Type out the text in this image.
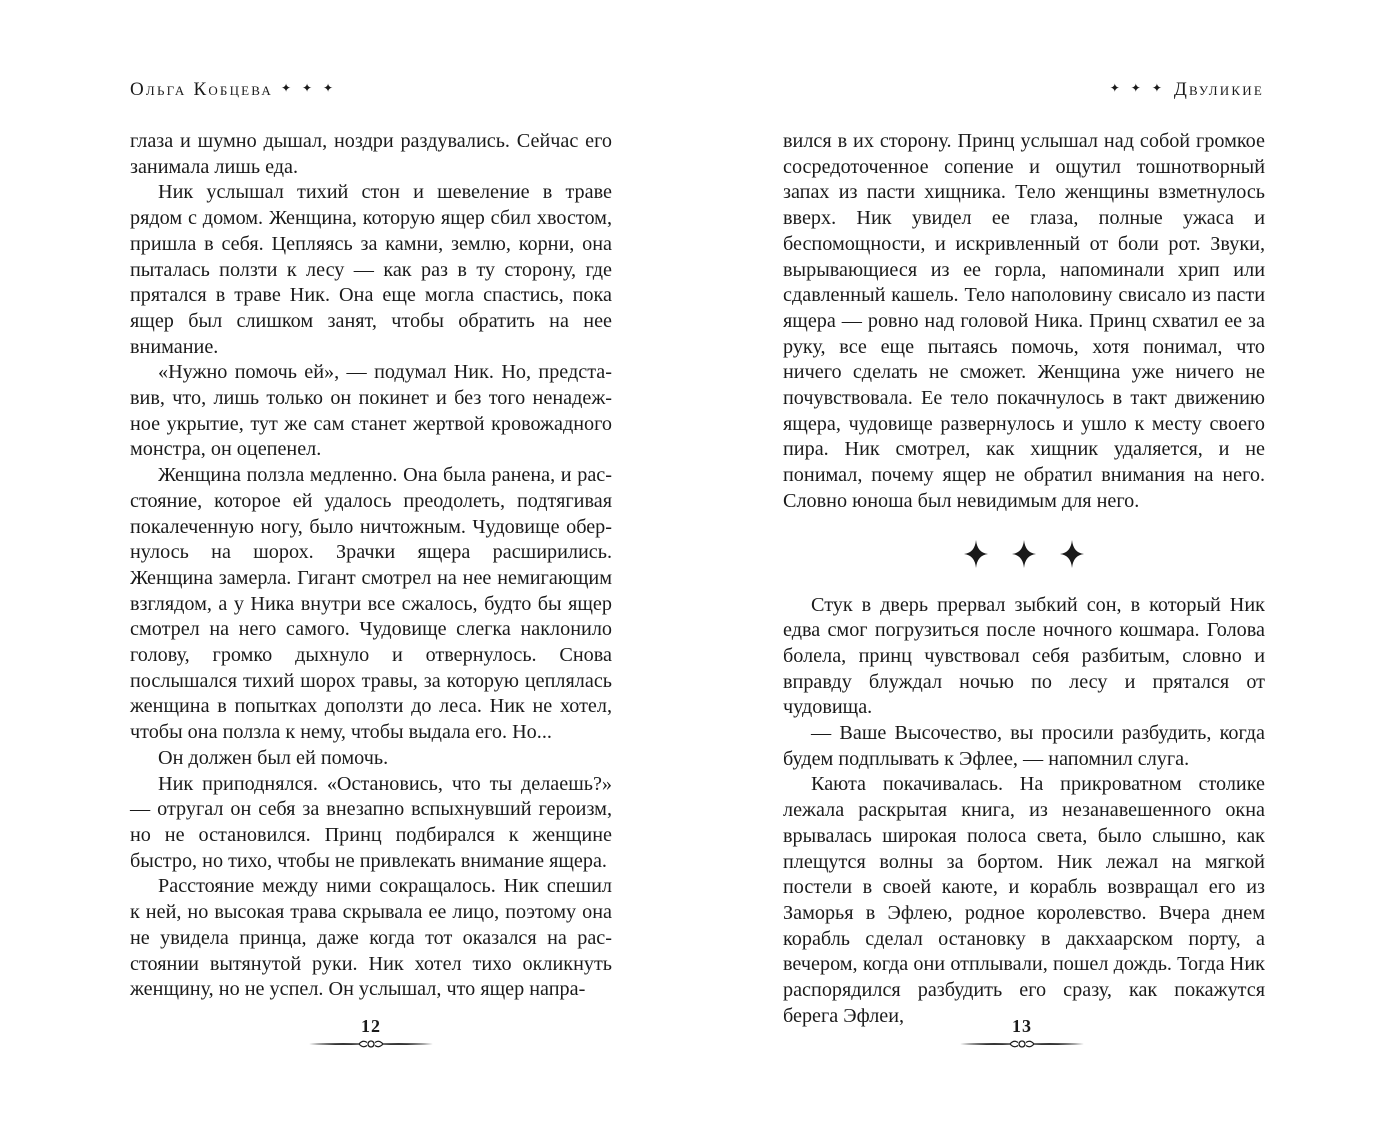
Ольга Кобцева ✦ ✦ ✦

глаза и шумно дышал, ноздри раздувались. Сейчас его занимала лишь еда.

Ник услышал тихий стон и шевеление в траве рядом с домом. Женщина, которую ящер сбил хвостом, пришла в себя. Цепляясь за камни, землю, корни, она пыталась ползти к лесу — как раз в ту сторону, где прятался в траве Ник. Она еще могла спастись, пока ящер был слишком занят, чтобы обратить на нее внимание.

«Нужно помочь ей», — подумал Ник. Но, представив, что, лишь только он покинет и без того ненадежное укрытие, тут же сам станет жертвой кровожадного монстра, он оцепенел.

Женщина ползла медленно. Она была ранена, и расстояние, которое ей удалось преодолеть, подтягивая покалеченную ногу, было ничтожным. Чудовище обернулось на шорох. Зрачки ящера расширились. Женщина замерла. Гигант смотрел на нее немигающим взглядом, а у Ника внутри все сжалось, будто бы ящер смотрел на него самого. Чудовище слегка наклонило голову, громко дыхнуло и отвернулось. Снова послышался тихий шорох травы, за которую цеплялась женщина в попытках доползти до леса. Ник не хотел, чтобы она ползла к нему, чтобы выдала его. Но...

Он должен был ей помочь.

Ник приподнялся. «Остановись, что ты делаешь?» — отругал он себя за внезапно вспыхнувший героизм, но не остановился. Принц подбирался к женщине быстро, но тихо, чтобы не привлекать внимание ящера.

Расстояние между ними сокращалось. Ник спешил к ней, но высокая трава скрывала ее лицо, поэтому она не увидела принца, даже когда тот оказался на расстоянии вытянутой руки. Ник хотел тихо окликнуть женщину, но не успел. Он услышал, что ящер напра-

12
✦ ✦ ✦ Двуликие

вился в их сторону. Принц услышал над собой громкое сосредоточенное сопение и ощутил тошнотворный запах из пасти хищника. Тело женщины взметнулось вверх. Ник увидел ее глаза, полные ужаса и беспомощности, и искривленный от боли рот. Звуки, вырывающиеся из ее горла, напоминали хрип или сдавленный кашель. Тело наполовину свисало из пасти ящера — ровно над головой Ника. Принц схватил ее за руку, все еще пытаясь помочь, хотя понимал, что ничего сделать не сможет. Женщина уже ничего не почувствовала. Ее тело покачнулось в такт движению ящера, чудовище развернулось и ушло к месту своего пира. Ник смотрел, как хищник удаляется, и не понимал, почему ящер не обратил внимания на него. Словно юноша был невидимым для него.

Стук в дверь прервал зыбкий сон, в который Ник едва смог погрузиться после ночного кошмара. Голова болела, принц чувствовал себя разбитым, словно и вправду блуждал ночью по лесу и прятался от чудовища.

— Ваше Высочество, вы просили разбудить, когда будем подплывать к Эфлее, — напомнил слуга.

Каюта покачивалась. На прикроватном столике лежала раскрытая книга, из незанавешенного окна врывалась широкая полоса света, было слышно, как плещутся волны за бортом. Ник лежал на мягкой постели в своей каюте, и корабль возвращал его из Заморья в Эфлею, родное королевство. Вчера днем корабль сделал остановку в дакхаарском порту, а вечером, когда они отплывали, пошел дождь. Тогда Ник распорядился разбудить его сразу, как покажутся берега Эфлеи,	13
